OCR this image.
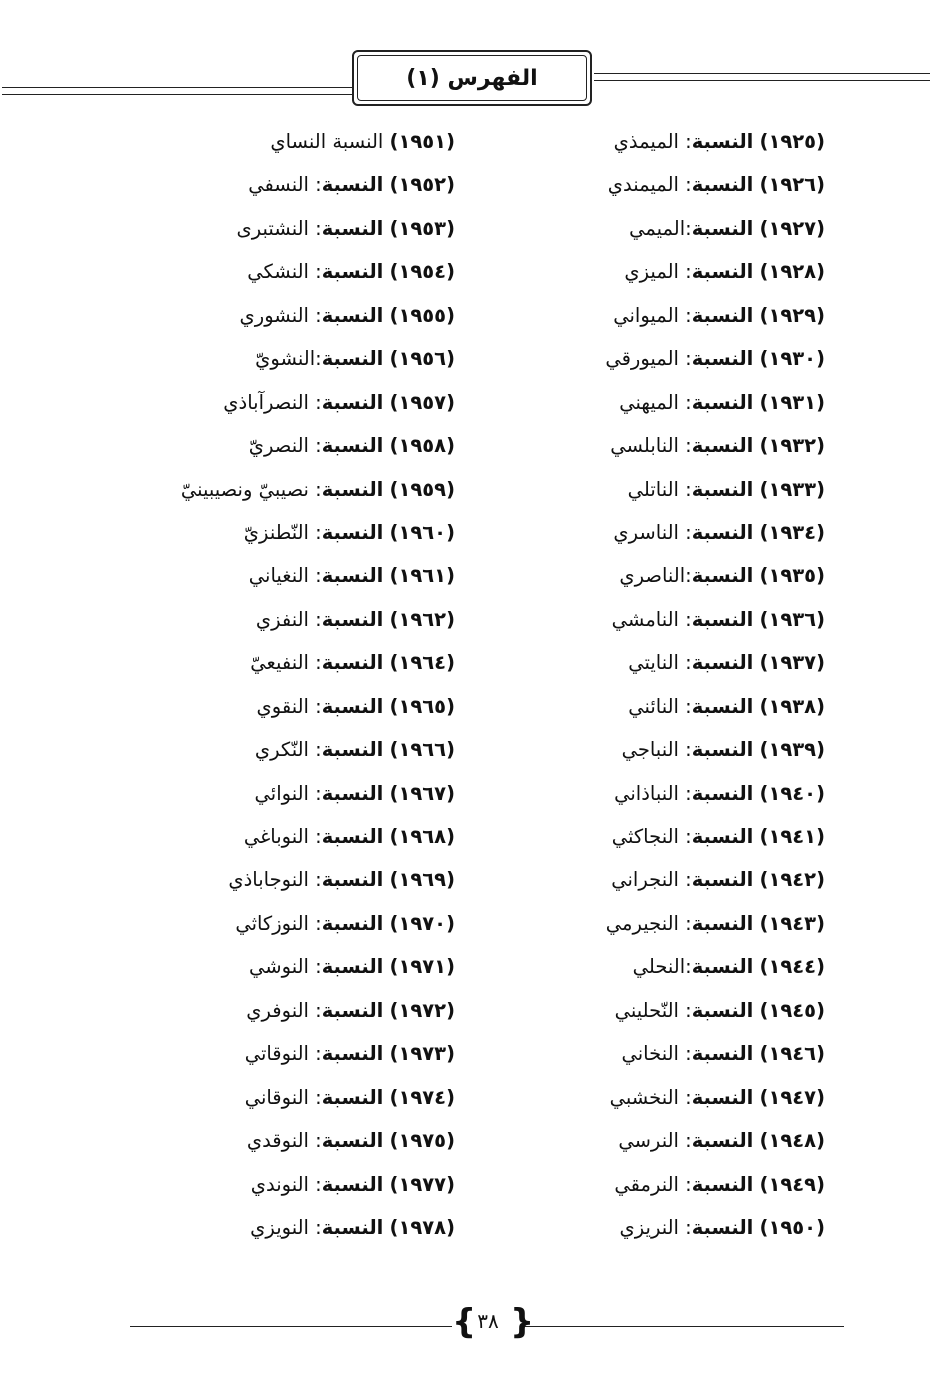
الفهرس (١)
(١٩٢٥) النسبة: الميمذي
(١٩٢٦) النسبة: الميمندي
(١٩٢٧) النسبة:الميمي
(١٩٢٨) النسبة: الميزي
(١٩٢٩) النسبة: الميواني
(١٩٣٠) النسبة: الميورقي
(١٩٣١) النسبة: الميهني
(١٩٣٢) النسبة: النابلسي
(١٩٣٣) النسبة: الناتلي
(١٩٣٤) النسبة: الناسري
(١٩٣٥) النسبة:الناصري
(١٩٣٦) النسبة: النامشي
(١٩٣٧) النسبة: النايتي
(١٩٣٨) النسبة: النائني
(١٩٣٩) النسبة: النباجي
(١٩٤٠) النسبة: النباذاني
(١٩٤١) النسبة: النجاكثي
(١٩٤٢) النسبة: النجراني
(١٩٤٣) النسبة: النجيرمي
(١٩٤٤) النسبة:النحلي
(١٩٤٥) النسبة: النّحليني
(١٩٤٦) النسبة: النخاني
(١٩٤٧) النسبة: النخشبي
(١٩٤٨) النسبة: النرسي
(١٩٤٩) النسبة: النرمقي
(١٩٥٠) النسبة: النريزي
(١٩٥١) النسبة النساي
(١٩٥٢) النسبة: النسفي
(١٩٥٣) النسبة: النشتبرى
(١٩٥٤) النسبة: النشكي
(١٩٥٥) النسبة: النشوري
(١٩٥٦) النسبة:النشويّ
(١٩٥٧) النسبة: النصرآباذي
(١٩٥٨) النسبة: النصريّ
(١٩٥٩) النسبة: نصيبيّ ونصيبينيّ
(١٩٦٠) النسبة: النّطنزيّ
(١٩٦١) النسبة: النغياني
(١٩٦٢) النسبة: النفزي
(١٩٦٤) النسبة: النفيعيّ
(١٩٦٥) النسبة: النقوي
(١٩٦٦) النسبة: النّكري
(١٩٦٧) النسبة: النوائي
(١٩٦٨) النسبة: النوباغي
(١٩٦٩) النسبة: النوجاباذي
(١٩٧٠) النسبة: النوزكاثي
(١٩٧١) النسبة: النوشي
(١٩٧٢) النسبة: النوفري
(١٩٧٣) النسبة: النوقاتي
(١٩٧٤) النسبة: النوقاني
(١٩٧٥) النسبة: النوقدي
(١٩٧٧) النسبة: النوندي
(١٩٧٨) النسبة: النويزي
{ }
٣٨
